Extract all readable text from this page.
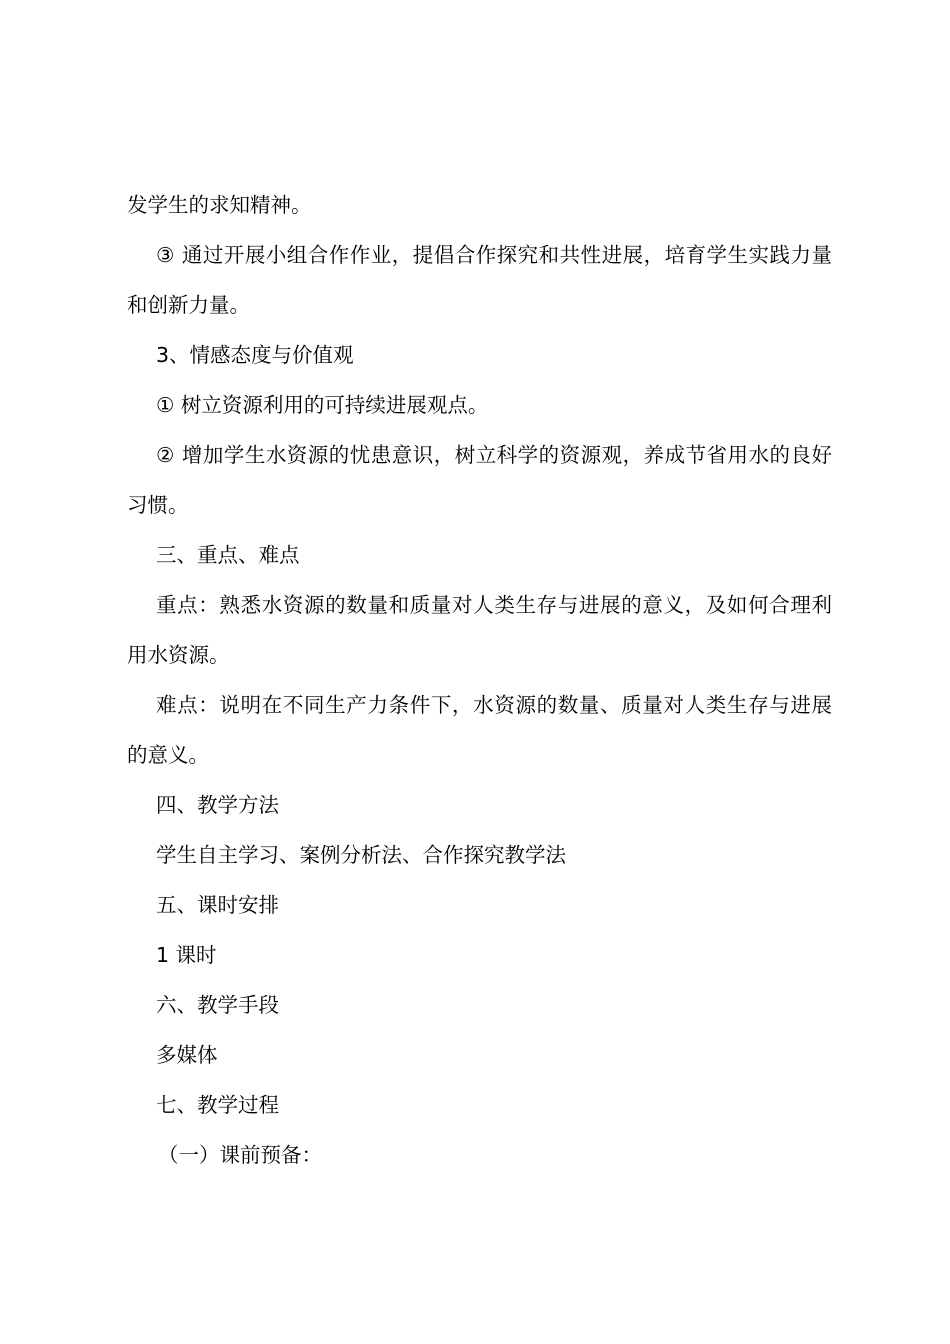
发学生的求知精神。

③ 通过开展小组合作作业，提倡合作探究和共性进展，培育学生实践力量和创新力量。

3、情感态度与价值观

① 树立资源利用的可持续进展观点。

② 增加学生水资源的忧患意识，树立科学的资源观，养成节省用水的良好习惯。

三、重点、难点

重点：熟悉水资源的数量和质量对人类生存与进展的意义，及如何合理利用水资源。

难点：说明在不同生产力条件下，水资源的数量、质量对人类生存与进展的意义。

四、教学方法

学生自主学习、案例分析法、合作探究教学法

五、课时安排

1 课时

六、教学手段

多媒体

七、教学过程

（一）课前预备：
